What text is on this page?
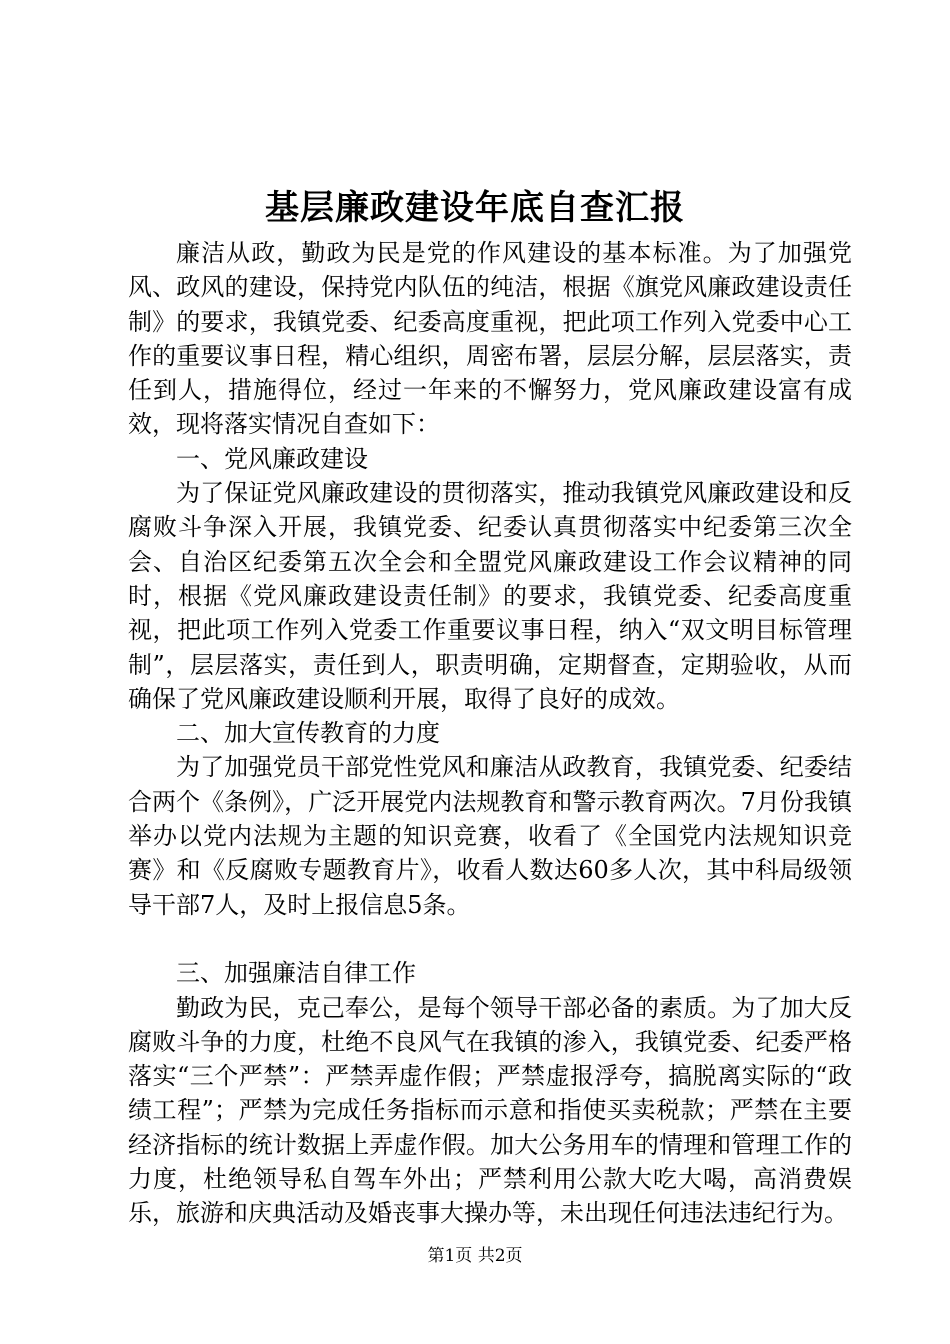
基层廉政建设年底自查汇报

廉洁从政，勤政为民是党的作风建设的基本标准。为了加强党风、政风的建设，保持党内队伍的纯洁，根据《旗党风廉政建设责任制》的要求，我镇党委、纪委高度重视，把此项工作列入党委中心工作的重要议事日程，精心组织，周密布署，层层分解，层层落实，责任到人，措施得位，经过一年来的不懈努力，党风廉政建设富有成效，现将落实情况自查如下：

一、党风廉政建设

为了保证党风廉政建设的贯彻落实，推动我镇党风廉政建设和反腐败斗争深入开展，我镇党委、纪委认真贯彻落实中纪委第三次全会、自治区纪委第五次全会和全盟党风廉政建设工作会议精神的同时，根据《党风廉政建设责任制》的要求，我镇党委、纪委高度重视，把此项工作列入党委工作重要议事日程，纳入“双文明目标管理制”，层层落实，责任到人，职责明确，定期督查，定期验收，从而确保了党风廉政建设顺利开展，取得了良好的成效。

二、加大宣传教育的力度

为了加强党员干部党性党风和廉洁从政教育，我镇党委、纪委结合两个《条例》，广泛开展党内法规教育和警示教育两次。7月份我镇举办以党内法规为主题的知识竞赛，收看了《全国党内法规知识竞赛》和《反腐败专题教育片》，收看人数达60多人次，其中科局级领导干部7人，及时上报信息5条。

三、加强廉洁自律工作

勤政为民，克己奉公，是每个领导干部必备的素质。为了加大反腐败斗争的力度，杜绝不良风气在我镇的渗入，我镇党委、纪委严格落实“三个严禁”：严禁弄虚作假；严禁虚报浮夸，搞脱离实际的“政绩工程”；严禁为完成任务指标而示意和指使买卖税款；严禁在主要经济指标的统计数据上弄虚作假。加大公务用车的情理和管理工作的力度，杜绝领导私自驾车外出；严禁利用公款大吃大喝，高消费娱乐，旅游和庆典活动及婚丧事大操办等，未出现任何违法违纪行为。

第1页 共2页
